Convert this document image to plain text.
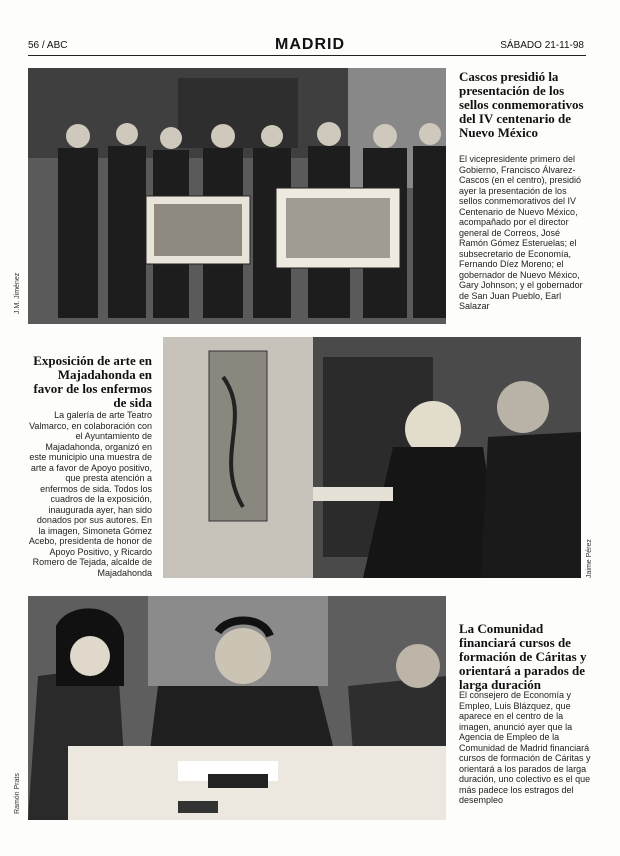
56 / ABC	MADRID	SÁBADO 21-11-98
J.M. Jiménez
Cascos presidió la presentación de los sellos conmemorativos del IV centenario de Nuevo México
El vicepresidente primero del Gobierno, Francisco Álvarez-Cascos (en el centro), presidió ayer la presentación de los sellos conmemorativos del IV Centenario de Nuevo México, acompañado por el director general de Correos, José Ramón Gómez Esteruelas; el subsecretario de Economía, Fernando Díez Moreno; el gobernador de Nuevo México, Gary Johnson; y el gobernador de San Juan Pueblo, Earl Salazar
Exposición de arte en Majadahonda en favor de los enfermos de sida
La galería de arte Teatro Valmarco, en colaboración con el Ayuntamiento de Majadahonda, organizó en este municipio una muestra de arte a favor de Apoyo positivo, que presta atención a enfermos de sida. Todos los cuadros de la exposición, inaugurada ayer, han sido donados por sus autores. En la imagen, Simoneta Gómez Acebo, presidenta de honor de Apoyo Positivo, y Ricardo Romero de Tejada, alcalde de Majadahonda	Jaime Pérez
Ramón Prats
La Comunidad financiará cursos de formación de Cáritas y orientará a parados de larga duración
El consejero de Economía y Empleo, Luis Blázquez, que aparece en el centro de la imagen, anunció ayer que la Agencia de Empleo de la Comunidad de Madrid financiará cursos de formación de Cáritas y orientará a los parados de larga duración, uno colectivo es el que más padece los estragos del desempleo
